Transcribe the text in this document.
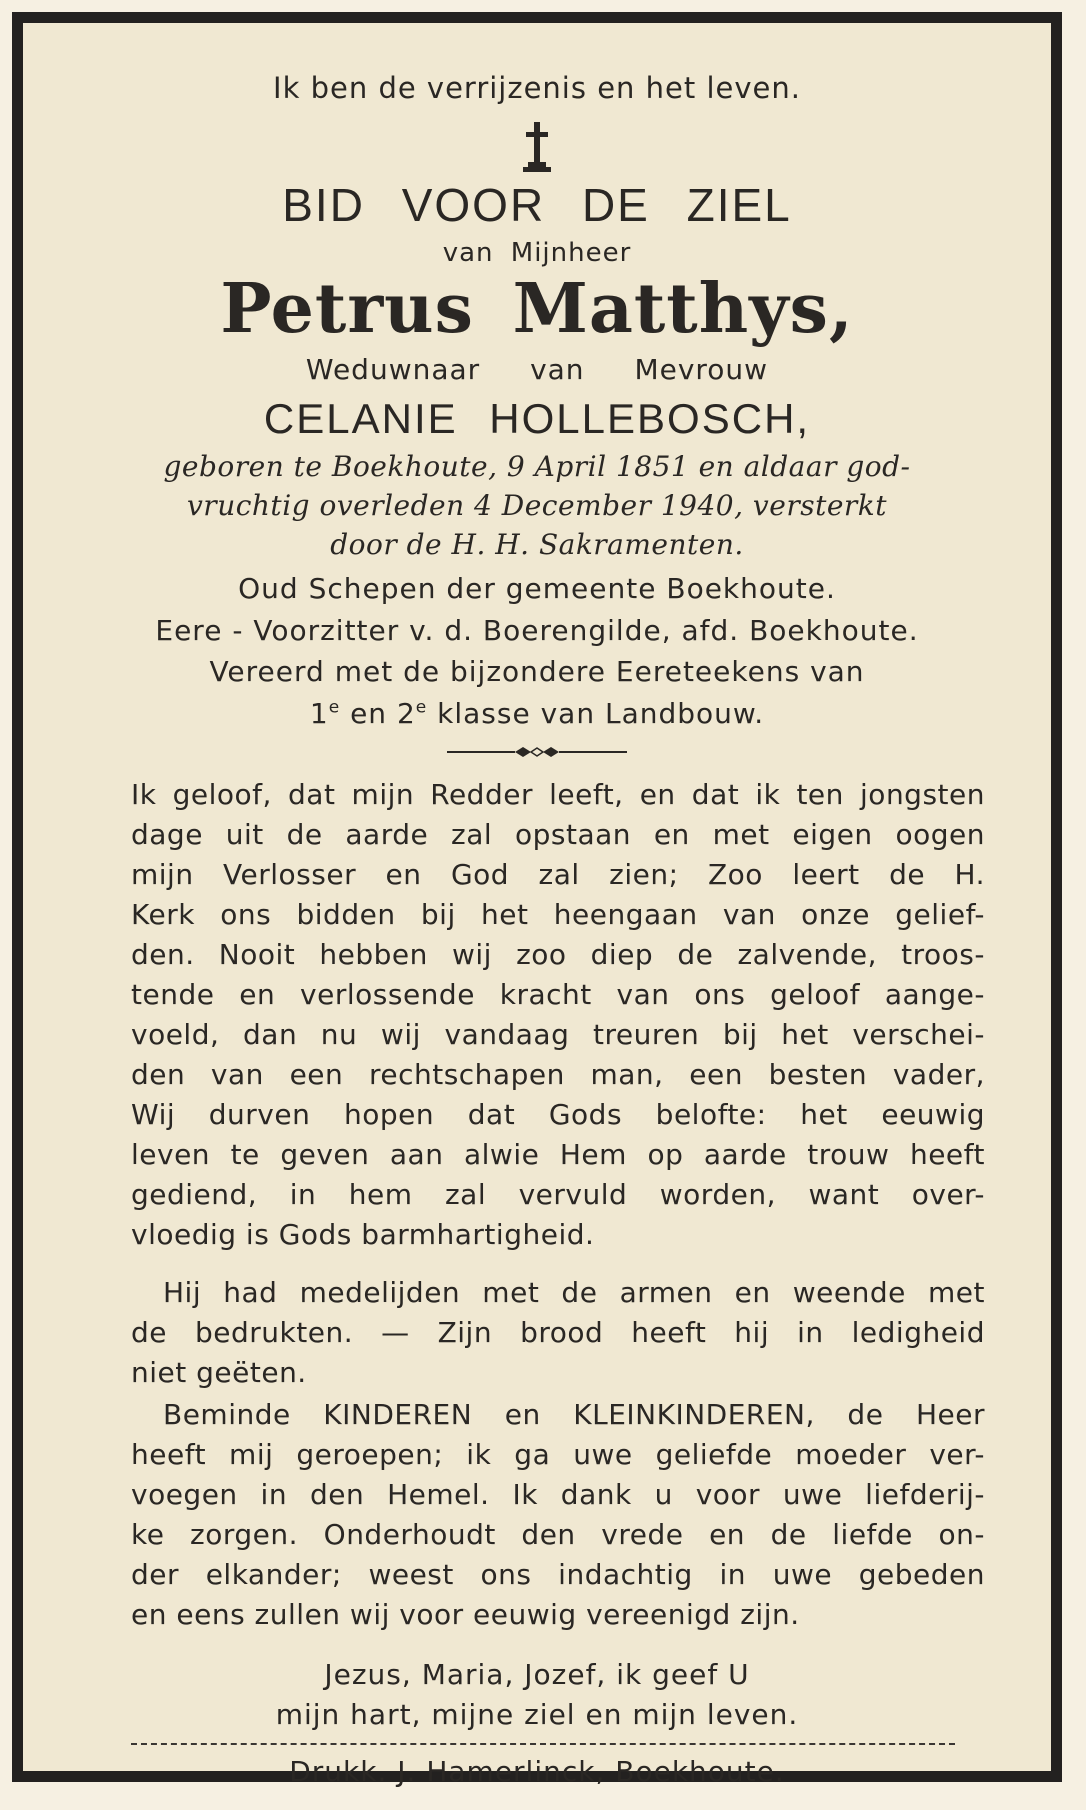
Ik ben de verrijzenis en het leven.
BID VOOR DE ZIEL
van Mijnheer
Petrus Matthys,
Weduwnaar van Mevrouw
CELANIE HOLLEBOSCH,
geboren te Boekhoute, 9 April 1851 en aldaar god-
vruchtig overleden 4 December 1940, versterkt
door de H. H. Sakramenten.
Oud Schepen der gemeente Boekhoute.
Eere - Voorzitter v. d. Boerengilde, afd. Boekhoute.
Vereerd met de bijzondere Eereteekens van
1e en 2e klasse van Landbouw.
Ik geloof, dat mijn Redder leeft, en dat ik ten jongsten
dage uit de aarde zal opstaan en met eigen oogen
mijn Verlosser en God zal zien; Zoo leert de H.
Kerk ons bidden bij het heengaan van onze gelief-
den. Nooit hebben wij zoo diep de zalvende, troos-
tende en verlossende kracht van ons geloof aange-
voeld, dan nu wij vandaag treuren bij het verschei-
den van een rechtschapen man, een besten vader,
Wij durven hopen dat Gods belofte: het eeuwig
leven te geven aan alwie Hem op aarde trouw heeft
gediend, in hem zal vervuld worden, want over-
vloedig is Gods barmhartigheid.
Hij had medelijden met de armen en weende met
de bedrukten. — Zijn brood heeft hij in ledigheid
niet geëten.
Beminde KINDEREN en KLEINKINDEREN, de Heer
heeft mij geroepen; ik ga uwe geliefde moeder ver-
voegen in den Hemel. Ik dank u voor uwe liefderij-
ke zorgen. Onderhoudt den vrede en de liefde on-
der elkander; weest ons indachtig in uwe gebeden
en eens zullen wij voor eeuwig vereenigd zijn.
Jezus, Maria, Jozef, ik geef U
mijn hart, mijne ziel en mijn leven.
Drukk. J. Hamerlinck, Boekhoute.
